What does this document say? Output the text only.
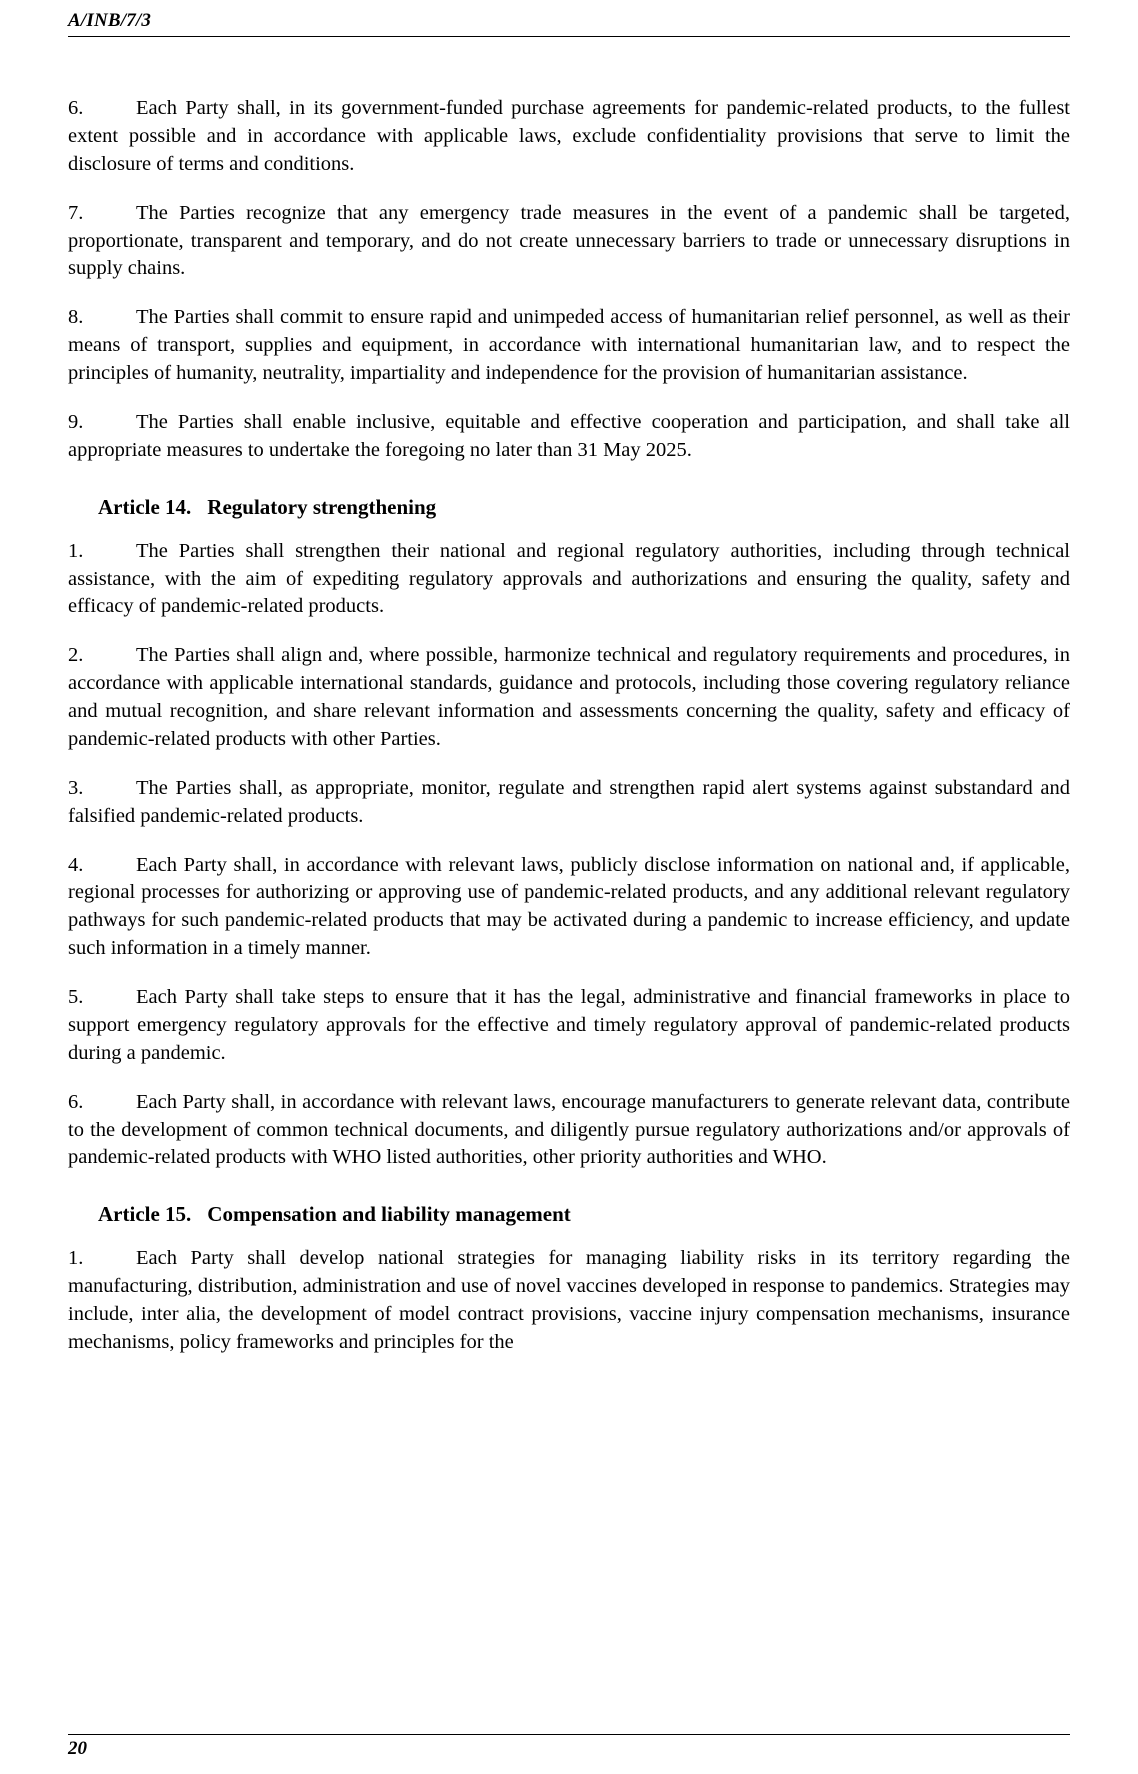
A/INB/7/3

6.	Each Party shall, in its government-funded purchase agreements for pandemic-related products, to the fullest extent possible and in accordance with applicable laws, exclude confidentiality provisions that serve to limit the disclosure of terms and conditions.

7.	The Parties recognize that any emergency trade measures in the event of a pandemic shall be targeted, proportionate, transparent and temporary, and do not create unnecessary barriers to trade or unnecessary disruptions in supply chains.

8.	The Parties shall commit to ensure rapid and unimpeded access of humanitarian relief personnel, as well as their means of transport, supplies and equipment, in accordance with international humanitarian law, and to respect the principles of humanity, neutrality, impartiality and independence for the provision of humanitarian assistance.

9.	The Parties shall enable inclusive, equitable and effective cooperation and participation, and shall take all appropriate measures to undertake the foregoing no later than 31 May 2025.

Article 14. Regulatory strengthening

1.	The Parties shall strengthen their national and regional regulatory authorities, including through technical assistance, with the aim of expediting regulatory approvals and authorizations and ensuring the quality, safety and efficacy of pandemic-related products.

2.	The Parties shall align and, where possible, harmonize technical and regulatory requirements and procedures, in accordance with applicable international standards, guidance and protocols, including those covering regulatory reliance and mutual recognition, and share relevant information and assessments concerning the quality, safety and efficacy of pandemic-related products with other Parties.

3.	The Parties shall, as appropriate, monitor, regulate and strengthen rapid alert systems against substandard and falsified pandemic-related products.

4.	Each Party shall, in accordance with relevant laws, publicly disclose information on national and, if applicable, regional processes for authorizing or approving use of pandemic-related products, and any additional relevant regulatory pathways for such pandemic-related products that may be activated during a pandemic to increase efficiency, and update such information in a timely manner.

5.	Each Party shall take steps to ensure that it has the legal, administrative and financial frameworks in place to support emergency regulatory approvals for the effective and timely regulatory approval of pandemic-related products during a pandemic.

6.	Each Party shall, in accordance with relevant laws, encourage manufacturers to generate relevant data, contribute to the development of common technical documents, and diligently pursue regulatory authorizations and/or approvals of pandemic-related products with WHO listed authorities, other priority authorities and WHO.

Article 15. Compensation and liability management

1.	Each Party shall develop national strategies for managing liability risks in its territory regarding the manufacturing, distribution, administration and use of novel vaccines developed in response to pandemics. Strategies may include, inter alia, the development of model contract provisions, vaccine injury compensation mechanisms, insurance mechanisms, policy frameworks and principles for the

20
